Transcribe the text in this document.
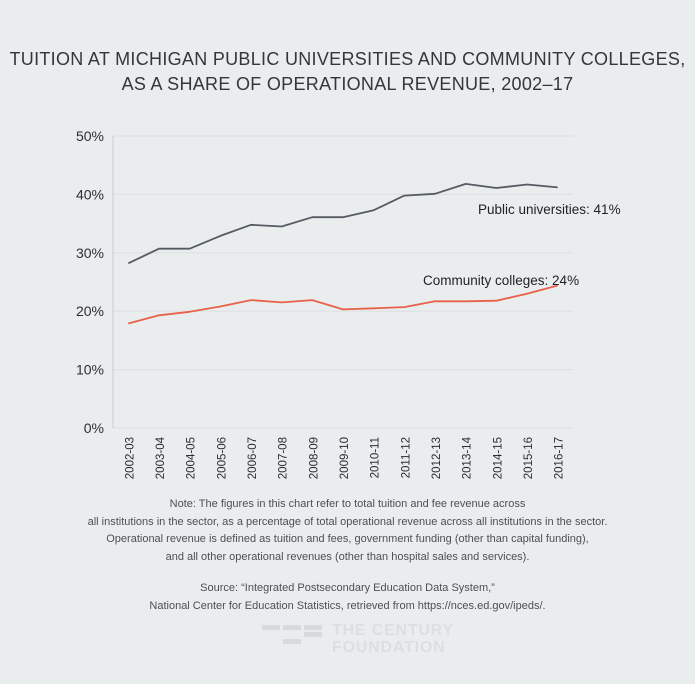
TUITION AT MICHIGAN PUBLIC UNIVERSITIES AND COMMUNITY COLLEGES,
AS A SHARE OF OPERATIONAL REVENUE, 2002–17
0%
10%
20%
30%
40%
50%
2002-03 2003-04 2004-05 2005-06 2006-07 2007-08 2008-09 2009-10 2010-11 2011-12 2012-13 2013-14 2014-15 2015-16 2016-17
Public universities: 41%
Community colleges: 24%
Note: The figures in this chart refer to total tuition and fee revenue across
all institutions in the sector, as a percentage of total operational revenue across all institutions in the sector.
Operational revenue is defined as tuition and fees, government funding (other than capital funding),
and all other operational revenues (other than hospital sales and services).
Source: “Integrated Postsecondary Education Data System,”
National Center for Education Statistics, retrieved from https://nces.ed.gov/ipeds/.
THE CENTURY
FOUNDATION
